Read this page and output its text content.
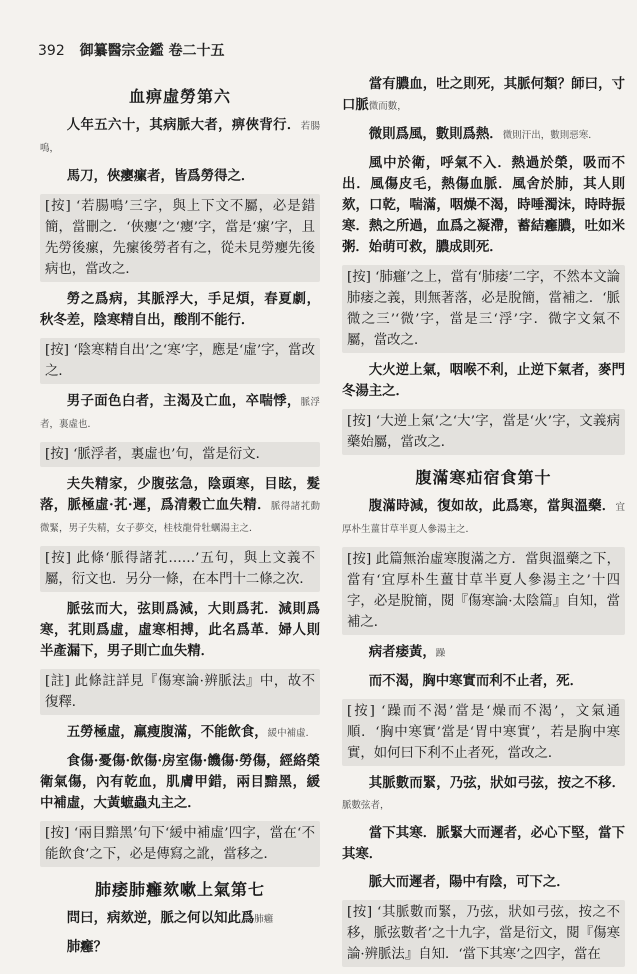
392 御纂醫宗金鑑 卷二十五
血痹虛勞第六
人年五六十，其病脈大者，痹俠背行．若腸鳴，
馬刀，俠癭瘰者，皆爲勞得之．
[按] ‘若腸鳴’三字，與上下文不屬，必是錯簡，當刪之．‘俠癭’之‘癭’字，當是‘瘰’字，且先勞後瘰，先瘰後勞者有之，從未見勞癭先後病也，當改之．
勞之爲病，其脈浮大，手足煩，春夏劇，秋冬差，陰寒精自出，酸削不能行．
[按] ‘陰寒精自出’之‘寒’字，應是‘虛’字，當改之．
男子面色白者，主渴及亡血，卒喘悸，脈浮者，裏虛也．
[按] ‘脈浮者，裏虛也’句，當是衍文．
夫失精家，少腹弦急，陰頭寒，目眩，髮落，脈極虛·芤·遲，爲清穀亡血失精．脈得諸芤動微緊，男子失精，女子夢交，桂枝龍骨牡蠣湯主之．
[按] 此條‘脈得諸芤……’五句，與上文義不屬，衍文也．另分一條，在本門十二條之次．
脈弦而大，弦則爲減，大則爲芤．減則爲寒，芤則爲虛，虛寒相搏，此名爲革．婦人則半產漏下，男子則亡血失精．
[註] 此條註詳見『傷寒論·辨脈法』中，故不復釋．
五勞極虛，羸瘦腹滿，不能飲食，緩中補虛．
食傷·憂傷·飲傷·房室傷·饑傷·勞傷，經絡榮衛氣傷，內有乾血，肌膚甲錯，兩目黯黑，緩中補虛，大黃蟅蟲丸主之．
[按] ‘兩目黯黑’句下‘緩中補虛’四字，當在‘不能飲食’之下，必是傳寫之訛，當移之．
肺痿肺癰欬嗽上氣第七
問曰，病欬逆，脈之何以知此爲肺癰
肺癰？
當有膿血，吐之則死，其脈何類？師曰，寸口脈微而數，
微則爲風，數則爲熱．微則汗出，數則惡寒．
風中於衛，呼氣不入．熱過於榮，吸而不出．風傷皮毛，熱傷血脈．風舍於肺，其人則欬，口乾，喘滿，咽燥不渴，時唾濁沫，時時振寒．熱之所過，血爲之凝滯，蓄結癰膿，吐如米粥．始萌可救，膿成則死．
[按] ‘肺癰’之上，當有‘肺痿’二字，不然本文論肺痿之義，則無著落，必是脫簡，當補之．‘脈微之三’‘微’字，當是三‘浮’字．微字文氣不屬，當改之．
大火逆上氣，咽喉不利，止逆下氣者，麥門冬湯主之．
[按] ‘大逆上氣’之‘大’字，當是‘火’字，文義病藥始屬，當改之．
腹滿寒疝宿食第十
腹滿時減，復如故，此爲寒，當與溫藥．宜厚朴生薑甘草半夏人參湯主之．
[按] 此篇無治虛寒腹滿之方．當與溫藥之下，當有‘宜厚朴生薑甘草半夏人參湯主之’十四字，必是脫簡，閱『傷寒論·太陰篇』自知，當補之．
病者痿黃，躁
而不渴，胸中寒實而利不止者，死．
[按] ‘躁而不渴’當是‘燥而不渴’，文氣通順．‘胸中寒實’當是‘胃中寒實’，若是胸中寒實，如何曰下利不止者死，當改之．
其脈數而緊，乃弦，狀如弓弦，按之不移．脈數弦者，
當下其寒．脈緊大而遲者，必心下堅，當下其寒．
脈大而遲者，陽中有陰，可下之．
[按] ‘其脈數而緊，乃弦，狀如弓弦，按之不移，脈弦數者’之十九字，當是衍文，閱『傷寒論·辨脈法』自知．‘當下其寒’之四字，當在
